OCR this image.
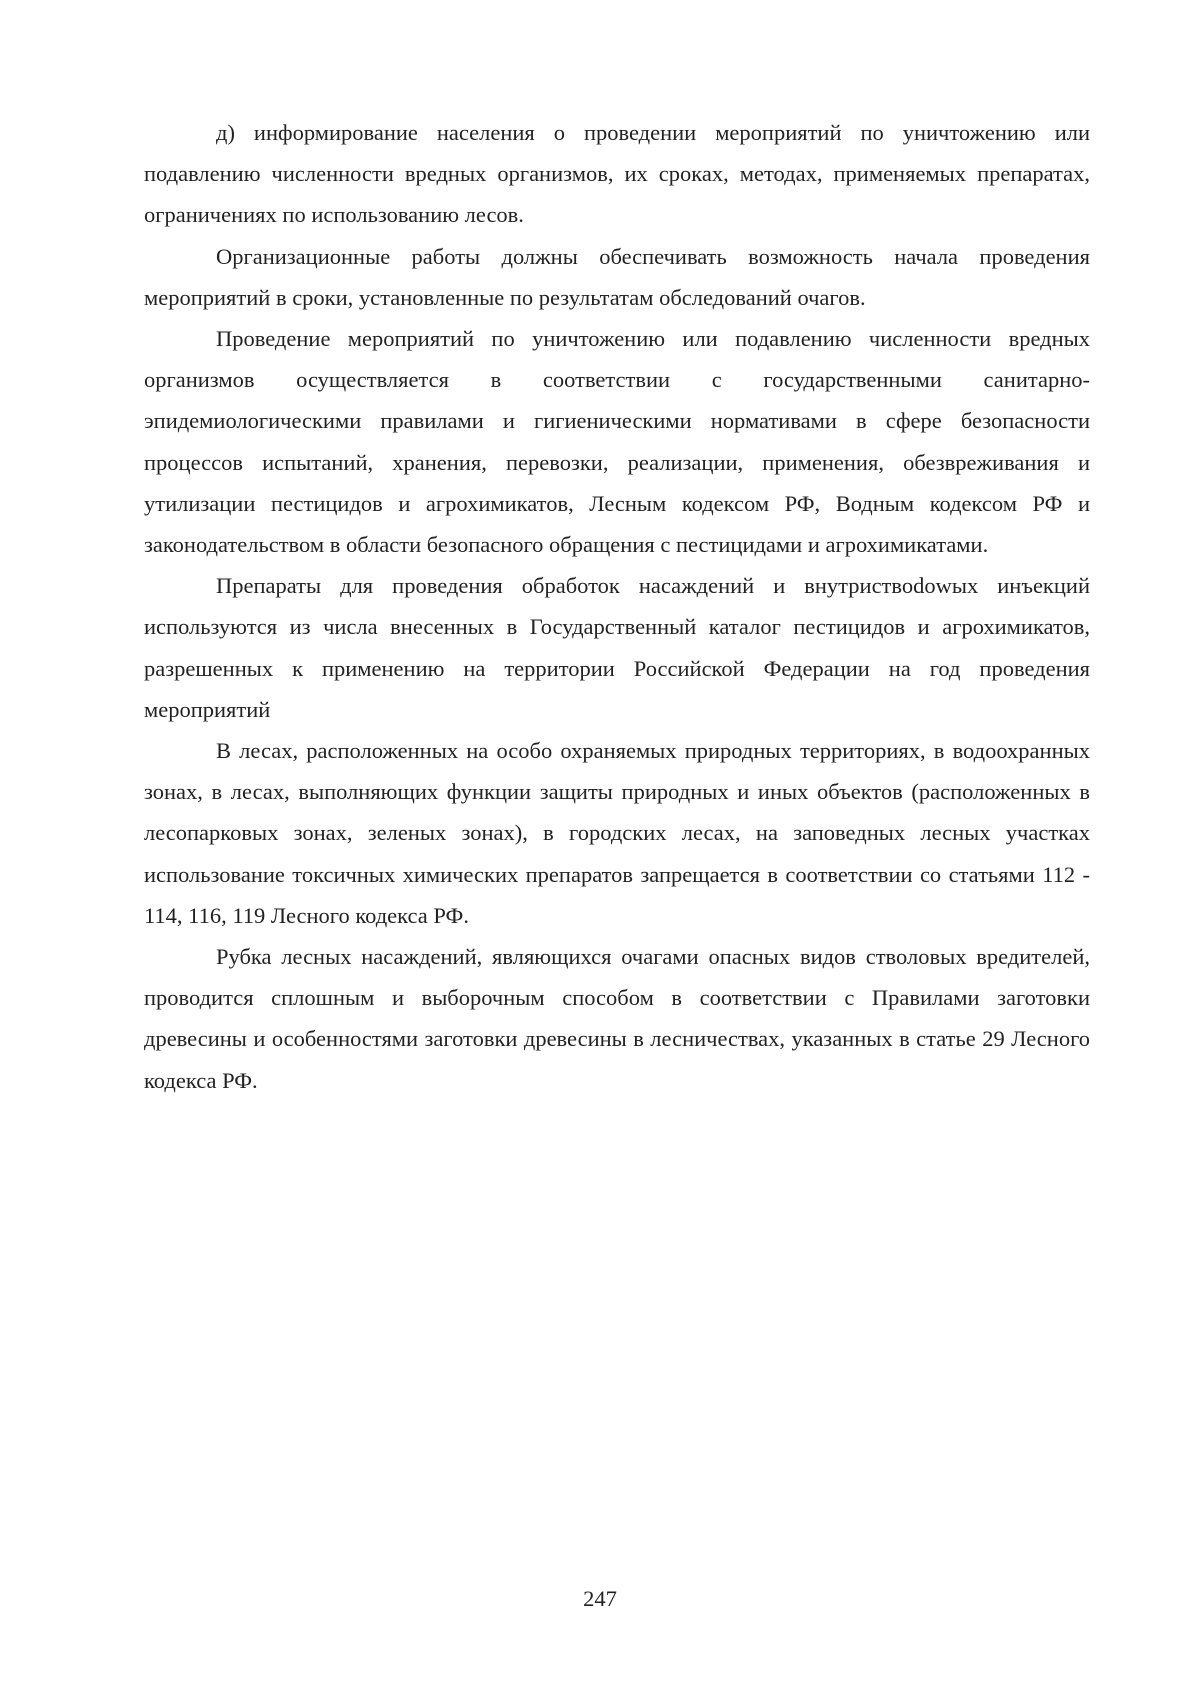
д) информирование населения о проведении мероприятий по уничтожению или подавлению численности вредных организмов, их сроках, методах, применяемых препаратах, ограничениях по использованию лесов.

Организационные работы должны обеспечивать возможность начала проведения мероприятий в сроки, установленные по результатам обследований очагов.

Проведение мероприятий по уничтожению или подавлению численности вредных организмов осуществляется в соответствии с государственными санитарно-эпидемиологическими правилами и гигиеническими нормативами в сфере безопасности процессов испытаний, хранения, перевозки, реализации, применения, обезвреживания и утилизации пестицидов и агрохимикатов, Лесным кодексом РФ, Водным кодексом РФ и законодательством в области безопасного обращения с пестицидами и агрохимикатами.

Препараты для проведения обработок насаждений и внутриствоdowых инъекций используются из числа внесенных в Государственный каталог пестицидов и агрохимикатов, разрешенных к применению на территории Российской Федерации на год проведения мероприятий

В лесах, расположенных на особо охраняемых природных территориях, в водоохранных зонах, в лесах, выполняющих функции защиты природных и иных объектов (расположенных в лесопарковых зонах, зеленых зонах), в городских лесах, на заповедных лесных участках использование токсичных химических препаратов запрещается в соответствии со статьями 112 - 114, 116, 119 Лесного кодекса РФ.

Рубка лесных насаждений, являющихся очагами опасных видов стволовых вредителей, проводится сплошным и выборочным способом в соответствии с Правилами заготовки древесины и особенностями заготовки древесины в лесничествах, указанных в статье 29 Лесного кодекса РФ.

247
